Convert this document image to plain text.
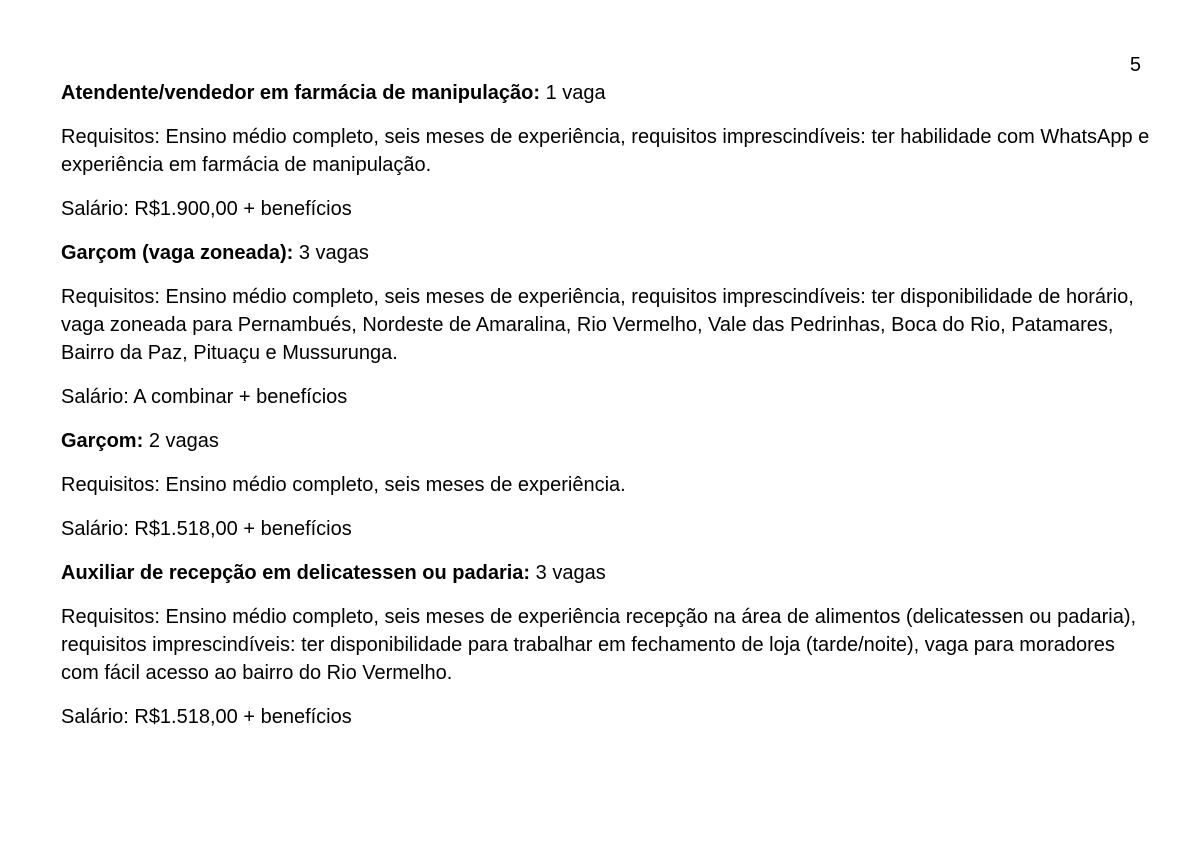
5

Atendente/vendedor em farmácia de manipulação: 1 vaga

Requisitos: Ensino médio completo, seis meses de experiência, requisitos imprescindíveis: ter habilidade com WhatsApp e experiência em farmácia de manipulação.

Salário: R$1.900,00 + benefícios

Garçom (vaga zoneada): 3 vagas

Requisitos: Ensino médio completo, seis meses de experiência, requisitos imprescindíveis: ter disponibilidade de horário, vaga zoneada para Pernambués, Nordeste de Amaralina, Rio Vermelho, Vale das Pedrinhas, Boca do Rio, Patamares, Bairro da Paz, Pituaçu e Mussurunga.

Salário: A combinar + benefícios

Garçom: 2 vagas

Requisitos: Ensino médio completo, seis meses de experiência.

Salário: R$1.518,00 + benefícios

Auxiliar de recepção em delicatessen ou padaria: 3 vagas

Requisitos: Ensino médio completo, seis meses de experiência recepção na área de alimentos (delicatessen ou padaria), requisitos imprescindíveis: ter disponibilidade para trabalhar em fechamento de loja (tarde/noite), vaga para moradores com fácil acesso ao bairro do Rio Vermelho.

Salário: R$1.518,00 + benefícios
